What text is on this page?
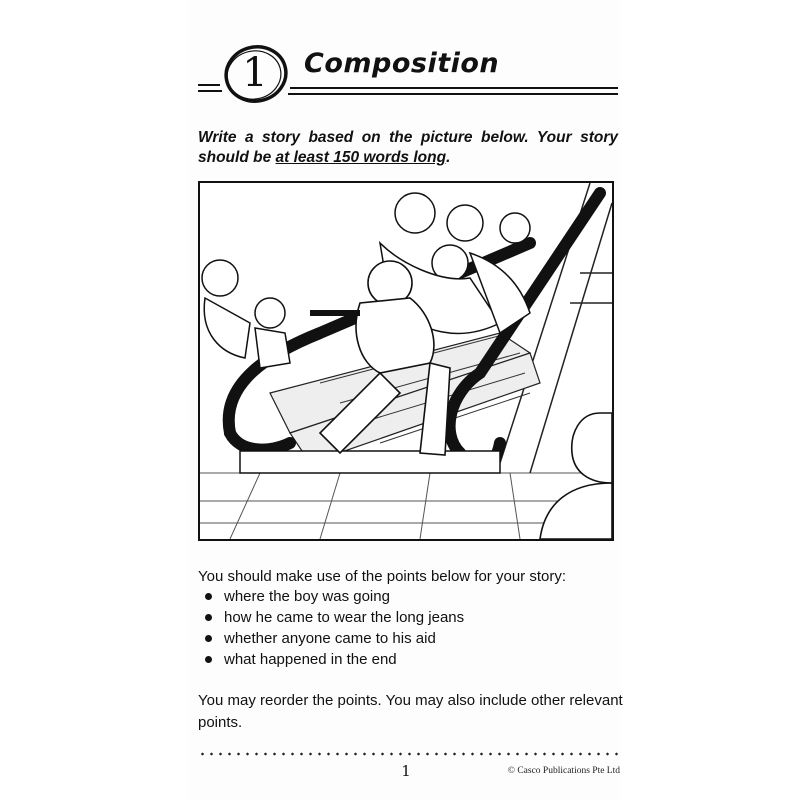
1 Composition
Write a story based on the picture below. Your story should be at least 150 words long.
You should make use of the points below for your story:
where the boy was going
how he came to wear the long jeans
whether anyone came to his aid
what happened in the end
You may reorder the points. You may also include other relevant points.
1	© Casco Publications Pte Ltd
